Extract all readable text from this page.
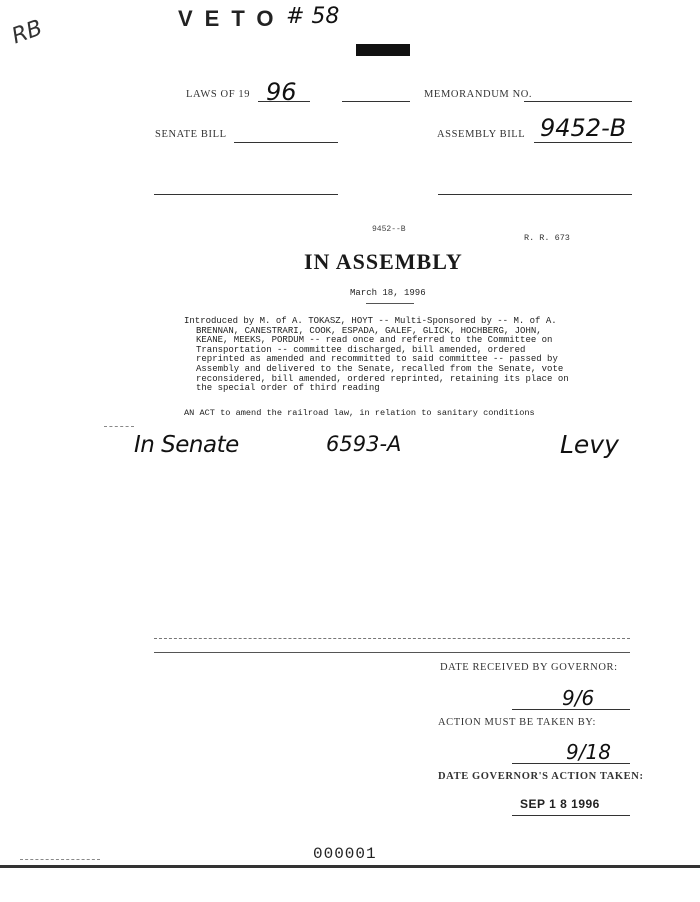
RB	VETO # 58
LAWS OF 19 96	MEMORANDUM NO.
SENATE BILL	ASSEMBLY BILL 9452-B
9452--B
R. R. 673
IN ASSEMBLY
March 18, 1996
Introduced by M. of A. TOKASZ, HOYT -- Multi-Sponsored by -- M. of A.
BRENNAN, CANESTRARI, COOK, ESPADA, GALEF, GLICK, HOCHBERG, JOHN,
KEANE, MEEKS, PORDUM -- read once and referred to the Committee on
Transportation -- committee discharged, bill amended, ordered
reprinted as amended and recommitted to said committee -- passed by
Assembly and delivered to the Senate, recalled from the Senate, vote
reconsidered, bill amended, ordered reprinted, retaining its place on
the special order of third reading
AN ACT to amend the railroad law, in relation to sanitary conditions
In Senate	6593-A	Levy
DATE RECEIVED BY GOVERNOR:
9/6
ACTION MUST BE TAKEN BY:
9/18
DATE GOVERNOR'S ACTION TAKEN:
SEP 1 8 1996
000001
